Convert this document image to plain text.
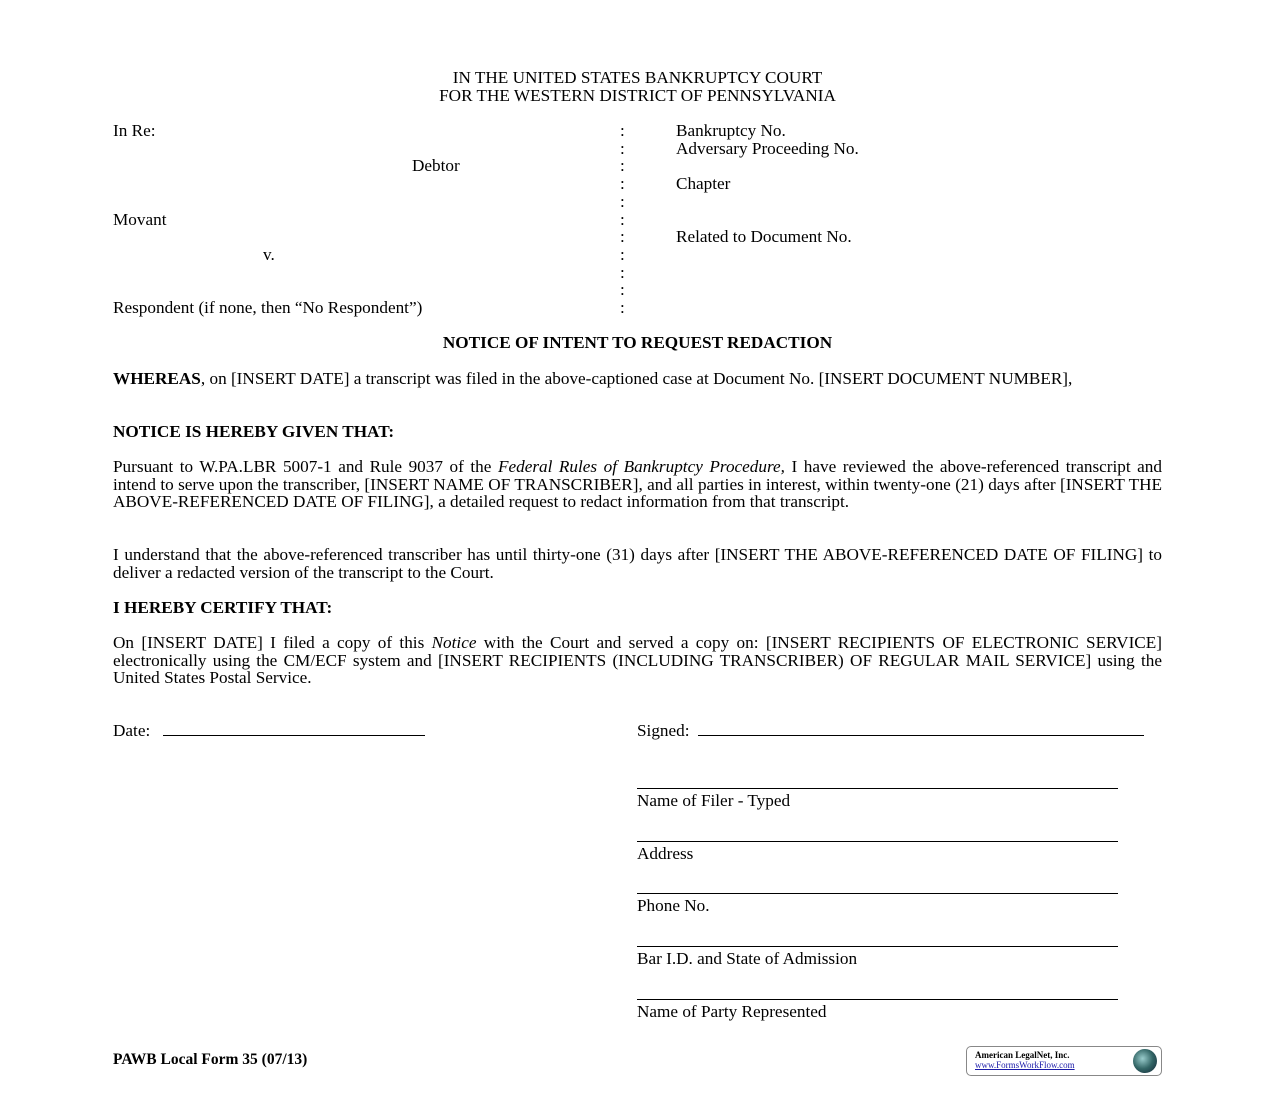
IN THE UNITED STATES BANKRUPTCY COURT
FOR THE WESTERN DISTRICT OF PENNSYLVANIA
In Re:	:	Bankruptcy No.
:	Adversary Proceeding No.
Debtor	:
:	Chapter
:
Movant	:
:	Related to Document No.
v.	:
:
:
Respondent (if none, then “No Respondent”)	:
NOTICE OF INTENT TO REQUEST REDACTION
WHEREAS, on [INSERT DATE] a transcript was filed in the above-captioned case at Document No. [INSERT DOCUMENT NUMBER],
NOTICE IS HEREBY GIVEN THAT:
Pursuant to W.PA.LBR 5007-1 and Rule 9037 of the Federal Rules of Bankruptcy Procedure, I have reviewed the above-referenced transcript and intend to serve upon the transcriber, [INSERT NAME OF TRANSCRIBER], and all parties in interest, within twenty-one (21) days after [INSERT THE ABOVE-REFERENCED DATE OF FILING], a detailed request to redact information from that transcript.
I understand that the above-referenced transcriber has until thirty-one (31) days after [INSERT THE ABOVE-REFERENCED DATE OF FILING] to deliver a redacted version of the transcript to the Court.
I HEREBY CERTIFY THAT:
On [INSERT DATE] I filed a copy of this Notice with the Court and served a copy on: [INSERT RECIPIENTS OF ELECTRONIC SERVICE] electronically using the CM/ECF system and [INSERT RECIPIENTS (INCLUDING TRANSCRIBER) OF REGULAR MAIL SERVICE] using the United States Postal Service.
Date:	Signed:
Name of Filer - Typed
Address
Phone No.
Bar I.D. and State of Admission
Name of Party Represented
PAWB Local Form 35 (07/13)	American LegalNet, Inc.
www.FormsWorkFlow.com
